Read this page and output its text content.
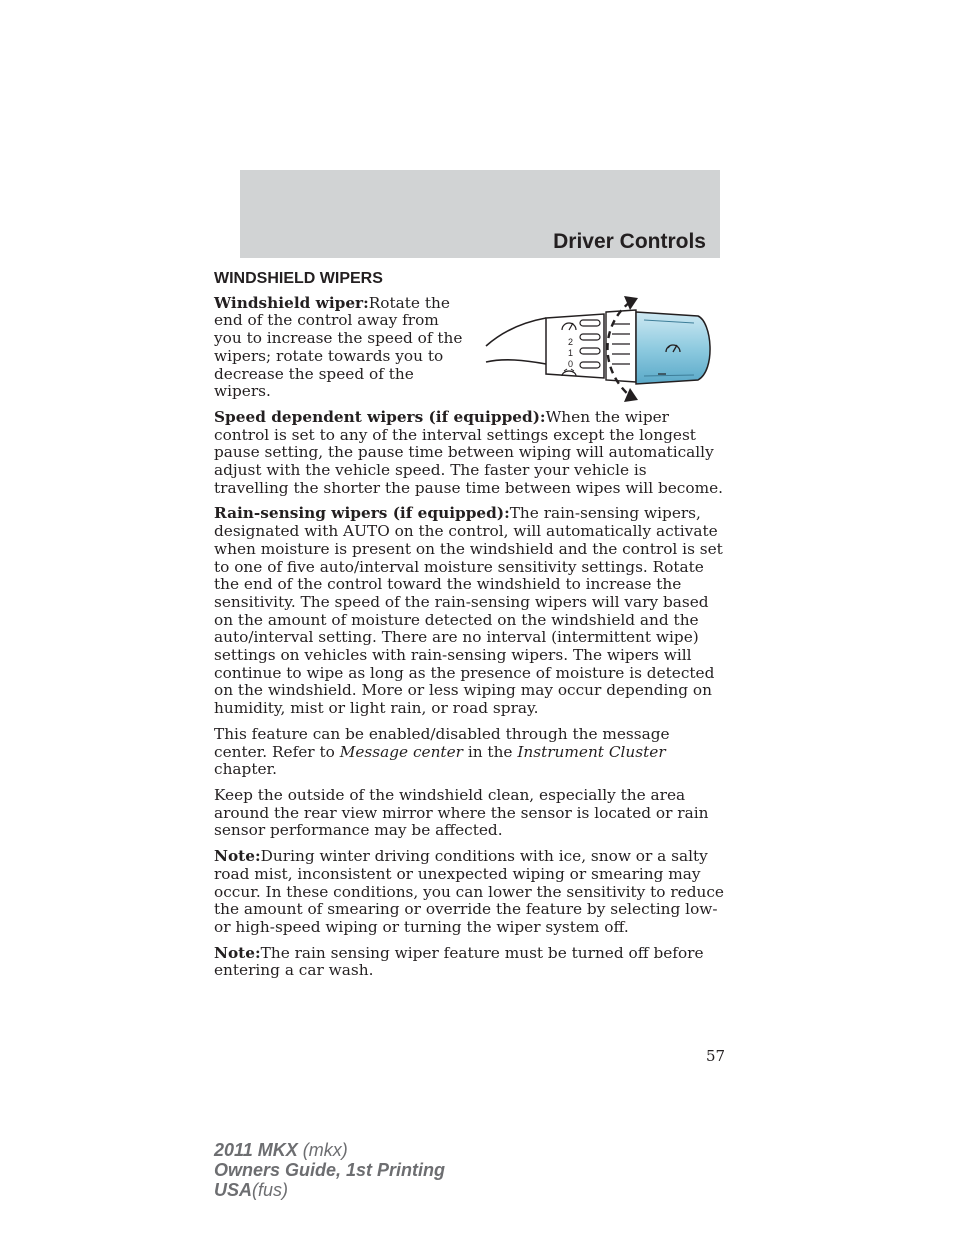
Driver Controls
WINDSHIELD WIPERS

Windshield wiper:Rotate the end of the control away from you to increase the speed of the wipers; rotate towards you to decrease the speed of the wipers.

Speed dependent wipers (if equipped):When the wiper control is set to any of the interval settings except the longest pause setting, the pause time between wiping will automatically adjust with the vehicle speed. The faster your vehicle is travelling the shorter the pause time between wipes will become.

Rain-sensing wipers (if equipped):The rain-sensing wipers, designated with AUTO on the control, will automatically activate when moisture is present on the windshield and the control is set to one of five auto/interval moisture sensitivity settings. Rotate the end of the control toward the windshield to increase the sensitivity. The speed of the rain-sensing wipers will vary based on the amount of moisture detected on the windshield and the auto/interval setting. There are no interval (intermittent wipe) settings on vehicles with rain-sensing wipers. The wipers will continue to wipe as long as the presence of moisture is detected on the windshield. More or less wiping may occur depending on humidity, mist or light rain, or road spray.

This feature can be enabled/disabled through the message center. Refer to Message center in the Instrument Cluster chapter.

Keep the outside of the windshield clean, especially the area around the rear view mirror where the sensor is located or rain sensor performance may be affected.

Note:During winter driving conditions with ice, snow or a salty road mist, inconsistent or unexpected wiping or smearing may occur. In these conditions, you can lower the sensitivity to reduce the amount of smearing or override the feature by selecting low- or high-speed wiping or turning the wiper system off.

Note:The rain sensing wiper feature must be turned off before entering a car wash.

2
1
0
57
2011 MKX (mkx)
Owners Guide, 1st Printing
USA(fus)
